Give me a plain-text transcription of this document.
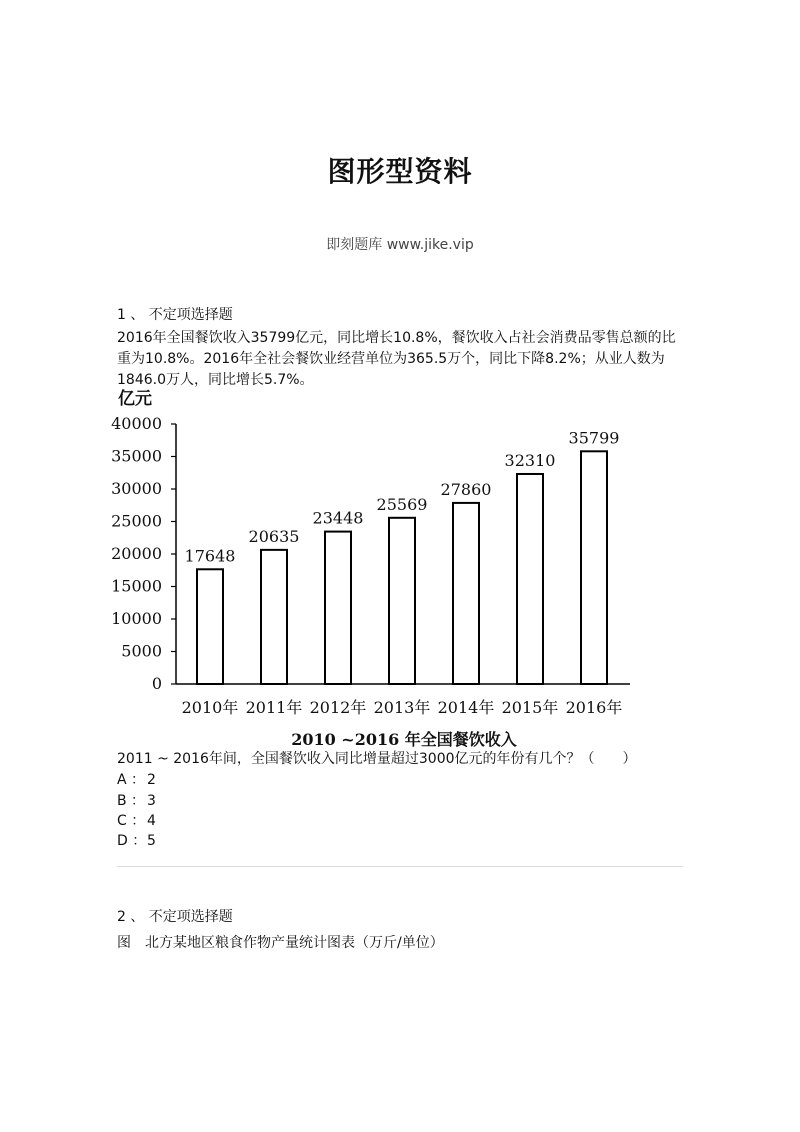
图形型资料
即刻题库 www.jike.vip
1 、 不定项选择题
2016年全国餐饮收入35799亿元，同比增长10.8%，餐饮收入占社会消费品零售总额的比重为10.8%。2016年全社会餐饮业经营单位为365.5万个，同比下降8.2%；从业人数为1846.0万人，同比增长5.7%。
亿元
0
5000
10000
15000
20000
25000
30000
35000
40000
17648
2010年
20635
2011年
23448
2012年
25569
2013年
27860
2014年
32310
2015年
35799
2016年
2010 ~2016 年全国餐饮收入
2011 ~ 2016年间，全国餐饮收入同比增量超过3000亿元的年份有几个？（　　）
A ： 2
B ： 3
C ： 4
D ：5
2 、 不定项选择题
图　北方某地区粮食作物产量统计图表（万斤/单位）
